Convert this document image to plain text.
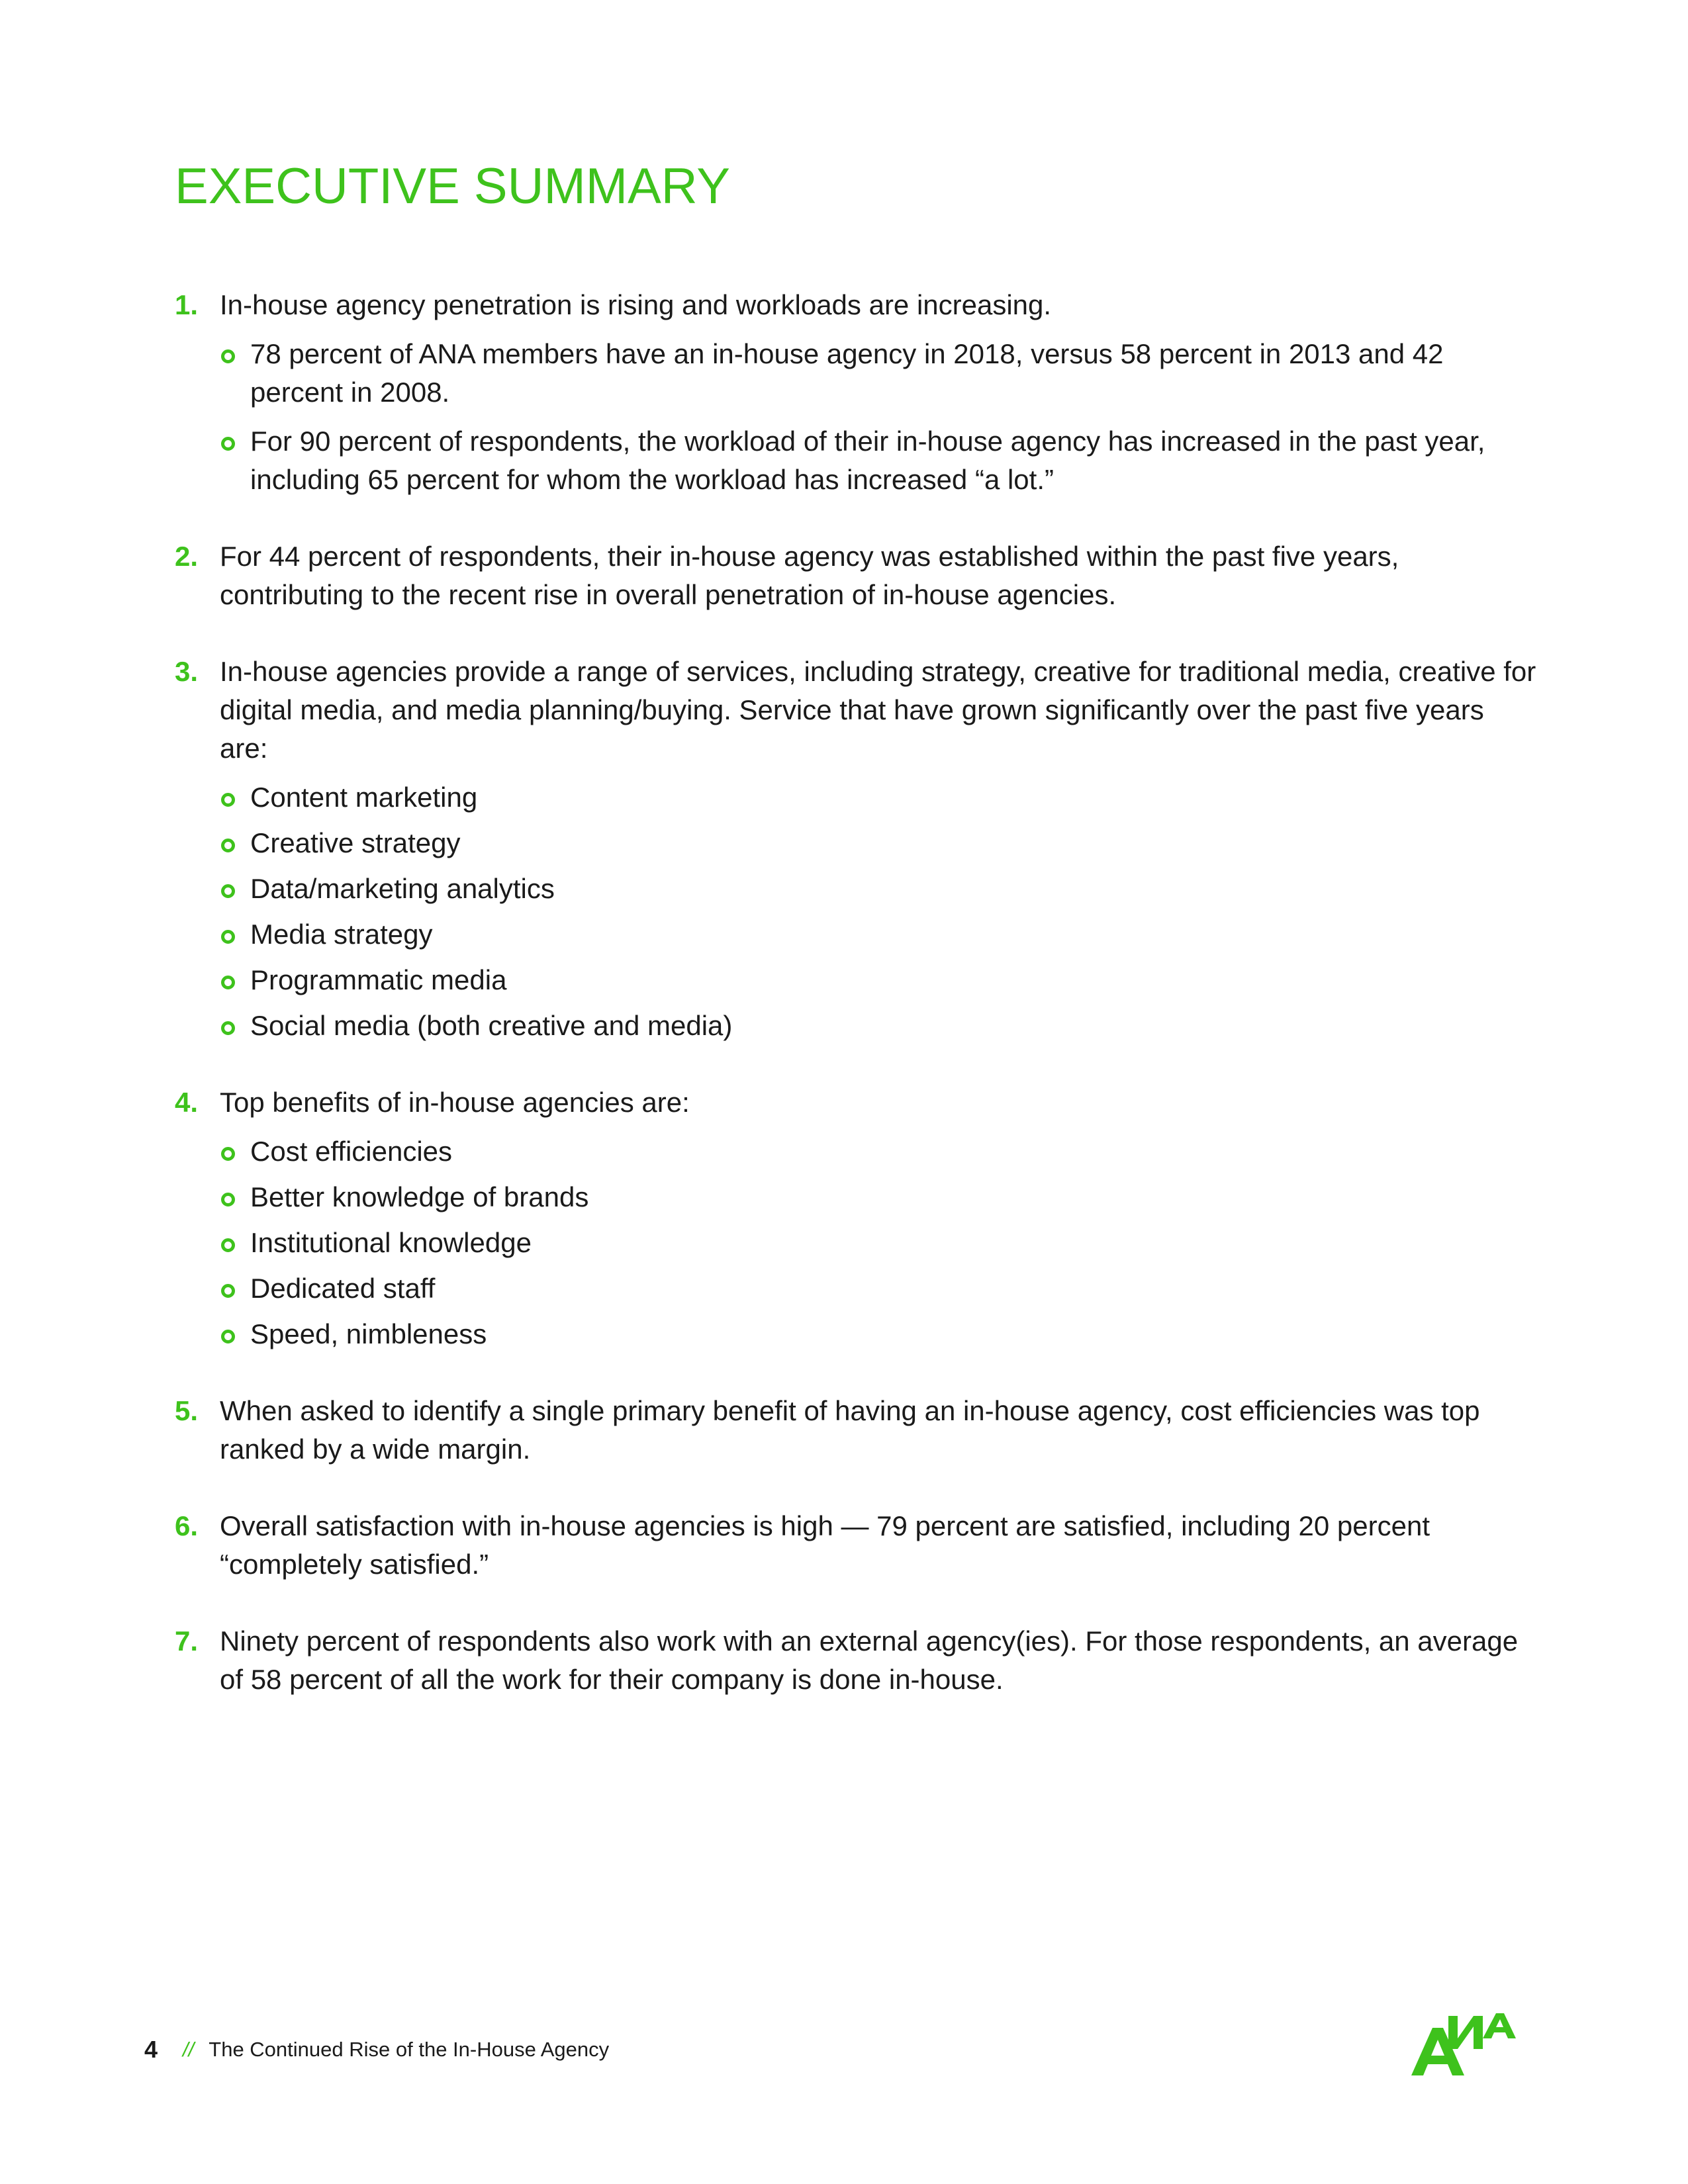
EXECUTIVE SUMMARY
1. In-house agency penetration is rising and workloads are increasing.
78 percent of ANA members have an in-house agency in 2018, versus 58 percent in 2013 and 42 percent in 2008.
For 90 percent of respondents, the workload of their in-house agency has increased in the past year, including 65 percent for whom the workload has increased “a lot.”
2. For 44 percent of respondents, their in-house agency was established within the past five years, contributing to the recent rise in overall penetration of in-house agencies.
3. In-house agencies provide a range of services, including strategy, creative for traditional media, creative for digital media, and media planning/buying. Service that have grown significantly over the past five years are:
Content marketing
Creative strategy
Data/marketing analytics
Media strategy
Programmatic media
Social media (both creative and media)
4. Top benefits of in-house agencies are:
Cost efficiencies
Better knowledge of brands
Institutional knowledge
Dedicated staff
Speed, nimbleness
5. When asked to identify a single primary benefit of having an in-house agency, cost efficiencies was top ranked by a wide margin.
6. Overall satisfaction with in-house agencies is high — 79 percent are satisfied, including 20 percent “completely satisfied.”
7. Ninety percent of respondents also work with an external agency(ies). For those respondents, an average of 58 percent of all the work for their company is done in-house.
4 // The Continued Rise of the In-House Agency
